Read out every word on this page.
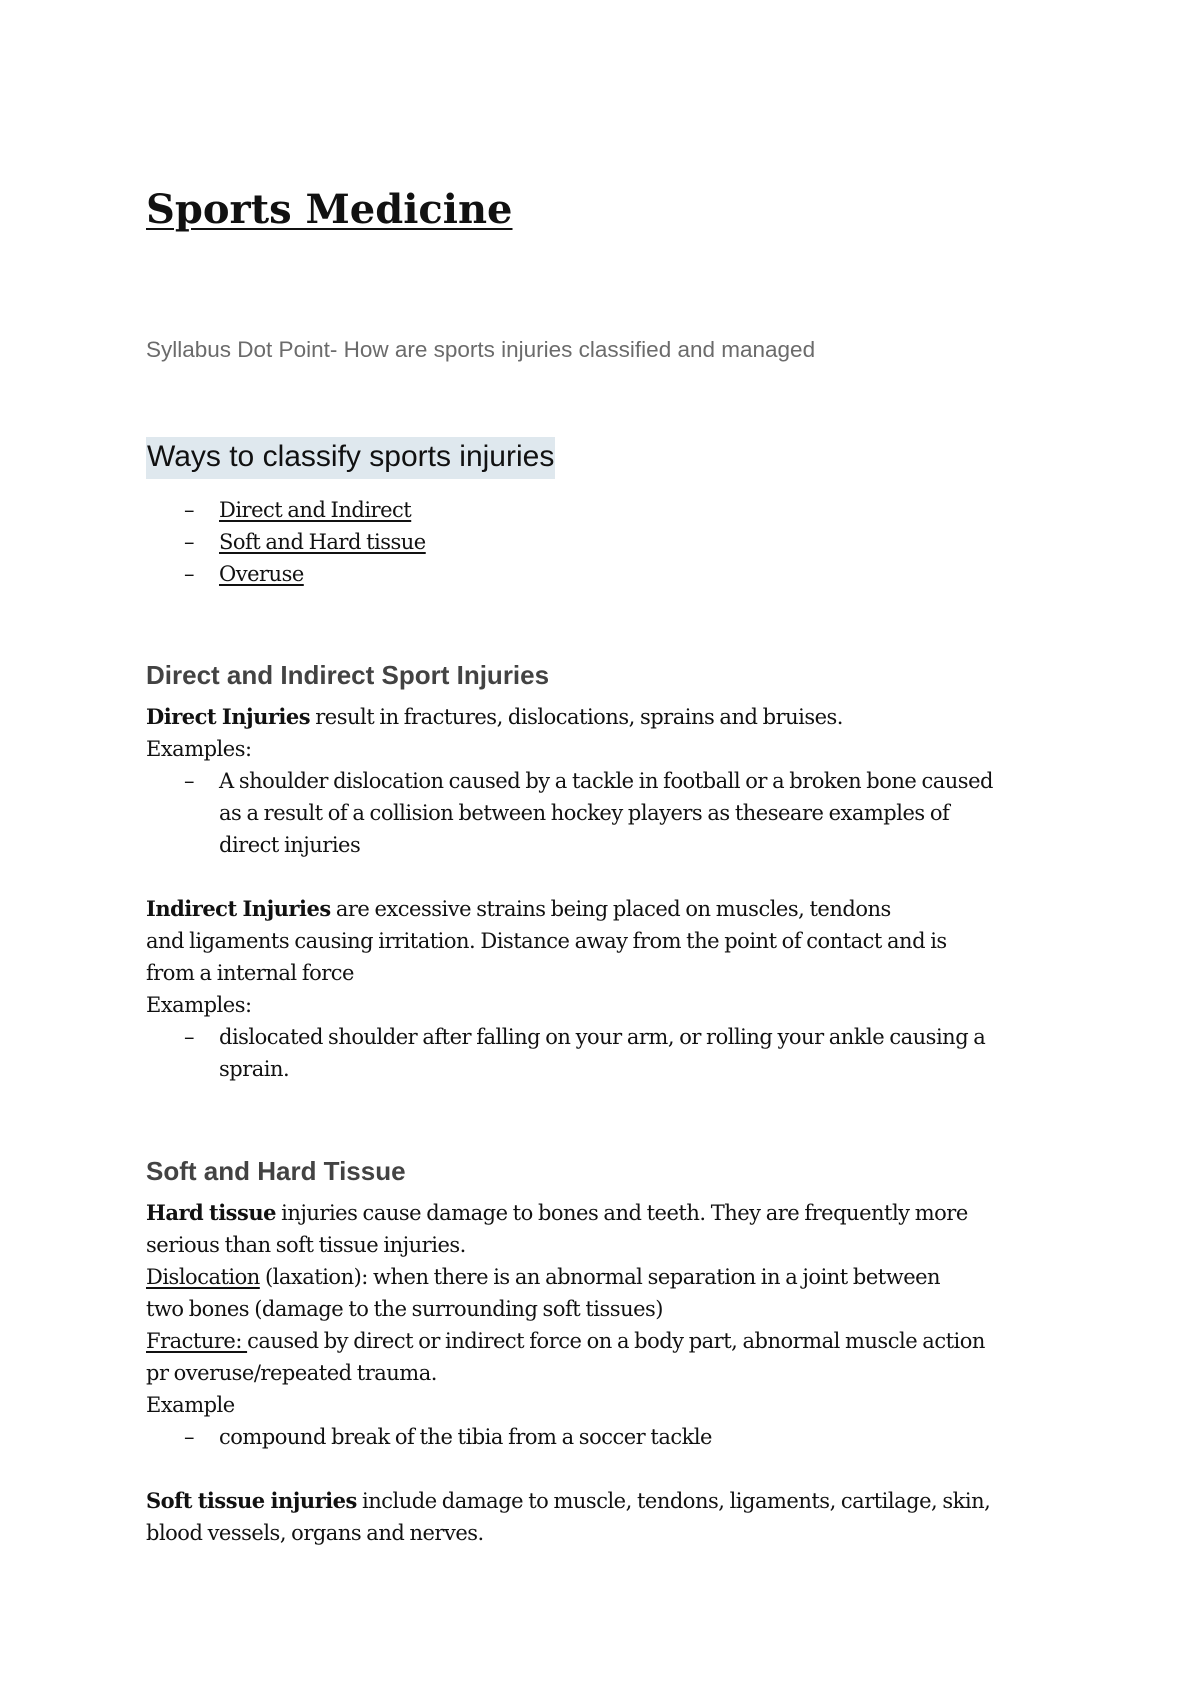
Sports Medicine

Syllabus Dot Point- How are sports injuries classified and managed

Ways to classify sports injuries
– Direct and Indirect
– Soft and Hard tissue
– Overuse
Direct and Indirect Sport Injuries
Direct Injuries result in fractures, dislocations, sprains and bruises.
Examples:
– A shoulder dislocation caused by a tackle in football or a broken bone caused
as a result of a collision between hockey players as theseare examples of
direct injuries
Indirect Injuries are excessive strains being placed on muscles, tendons
and ligaments causing irritation. Distance away from the point of contact and is
from a internal force
Examples:
– dislocated shoulder after falling on your arm, or rolling your ankle causing a
sprain.
Soft and Hard Tissue
Hard tissue injuries cause damage to bones and teeth. They are frequently more
serious than soft tissue injuries.
Dislocation (laxation): when there is an abnormal separation in a joint between
two bones (damage to the surrounding soft tissues)
Fracture: caused by direct or indirect force on a body part, abnormal muscle action
pr overuse/repeated trauma.
Example
– compound break of the tibia from a soccer tackle
Soft tissue injuries include damage to muscle, tendons, ligaments, cartilage, skin,
blood vessels, organs and nerves.
